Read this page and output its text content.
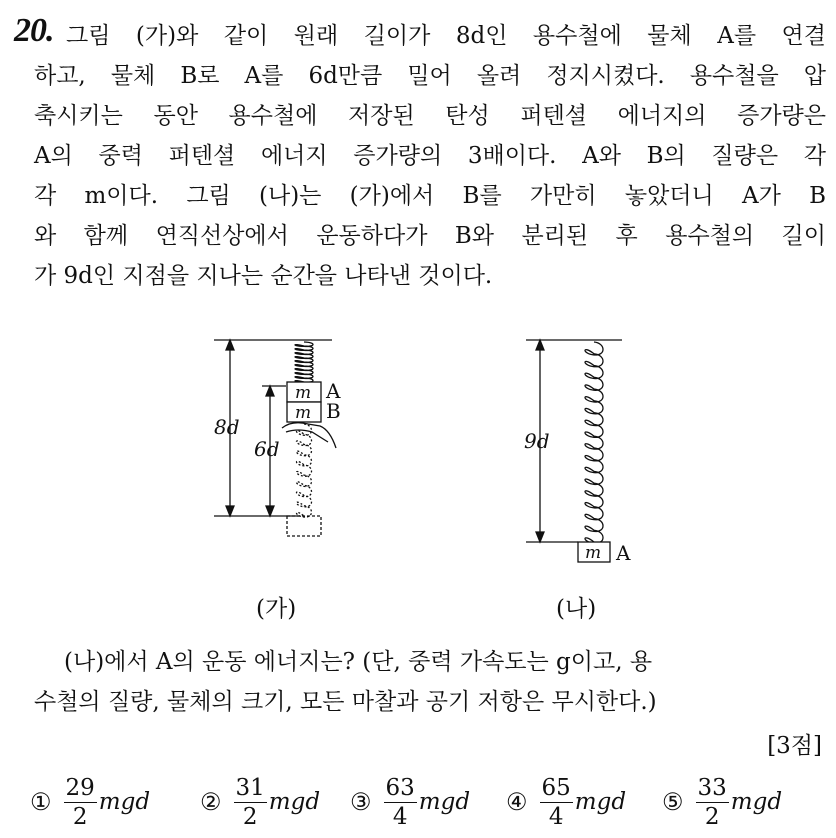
20. 그림 (가)와 같이 원래 길이가 8d인 용수철에 물체 A를 연결
하고, 물체 B로 A를 6d만큼 밀어 올려 정지시켰다. 용수철을 압
축시키는 동안 용수철에 저장된 탄성 퍼텐셜 에너지의 증가량은
A의 중력 퍼텐셜 에너지 증가량의 3배이다. A와 B의 질량은 각
각 m이다. 그림 (나)는 (가)에서 B를 가만히 놓았더니 A가 B
와 함께 연직선상에서 운동하다가 B와 분리된 후 용수철의 길이
가 9d인 지점을 지나는 순간을 나타낸 것이다.
8d
6d
m A
m B
9d
m A
(가)	(나)
(나)에서 A의 운동 에너지는? (단, 중력 가속도는 g이고, 용
수철의 질량, 물체의 크기, 모든 마찰과 공기 저항은 무시한다.)
[3점]
① $\frac{29}{2}$ mgd ② $\frac{31}{2}$ mgd ③ $\frac{63}{4}$ mgd ④ $\frac{65}{4}$ mgd ⑤ $\frac{33}{2}$ mgd
